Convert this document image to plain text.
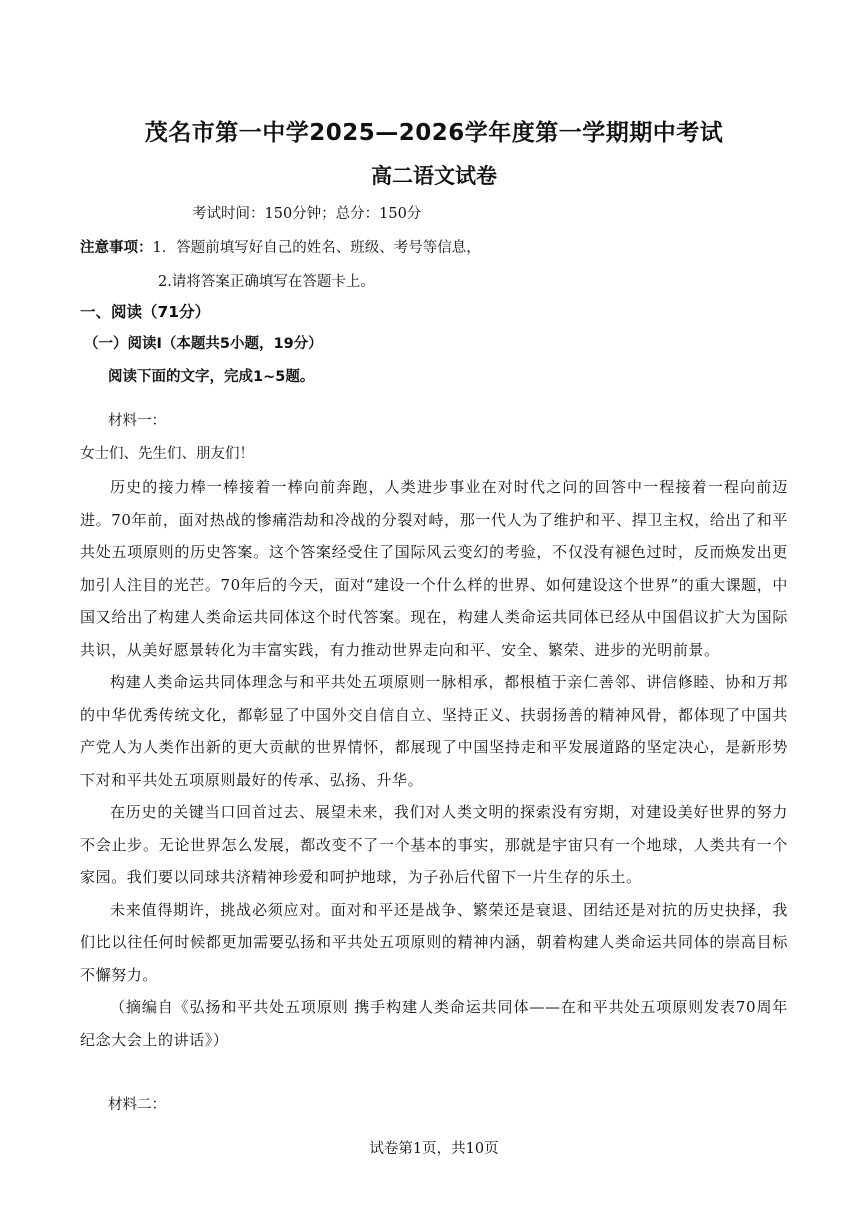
茂名市第一中学2025—2026学年度第一学期期中考试
高二语文试卷
考试时间：150分钟；总分：150分
注意事项：1．答题前填写好自己的姓名、班级、考号等信息，
2.请将答案正确填写在答题卡上。
一、阅读（71分）
（一）阅读Ⅰ（本题共5小题，19分）
阅读下面的文字，完成1~5题。
材料一：
女士们、先生们、朋友们！

历史的接力棒一棒接着一棒向前奔跑，人类进步事业在对时代之问的回答中一程接着一程向前迈进。70年前，面对热战的惨痛浩劫和冷战的分裂对峙，那一代人为了维护和平、捍卫主权，给出了和平共处五项原则的历史答案。这个答案经受住了国际风云变幻的考验，不仅没有褪色过时，反而焕发出更加引人注目的光芒。70年后的今天，面对“建设一个什么样的世界、如何建设这个世界”的重大课题，中国又给出了构建人类命运共同体这个时代答案。现在，构建人类命运共同体已经从中国倡议扩大为国际共识，从美好愿景转化为丰富实践，有力推动世界走向和平、安全、繁荣、进步的光明前景。

构建人类命运共同体理念与和平共处五项原则一脉相承，都根植于亲仁善邻、讲信修睦、协和万邦的中华优秀传统文化，都彰显了中国外交自信自立、坚持正义、扶弱扬善的精神风骨，都体现了中国共产党人为人类作出新的更大贡献的世界情怀，都展现了中国坚持走和平发展道路的坚定决心，是新形势下对和平共处五项原则最好的传承、弘扬、升华。

在历史的关键当口回首过去、展望未来，我们对人类文明的探索没有穷期，对建设美好世界的努力不会止步。无论世界怎么发展，都改变不了一个基本的事实，那就是宇宙只有一个地球，人类共有一个家园。我们要以同球共济精神珍爱和呵护地球，为子孙后代留下一片生存的乐土。

未来值得期许，挑战必须应对。面对和平还是战争、繁荣还是衰退、团结还是对抗的历史抉择，我们比以往任何时候都更加需要弘扬和平共处五项原则的精神内涵，朝着构建人类命运共同体的崇高目标不懈努力。

（摘编自《弘扬和平共处五项原则 携手构建人类命运共同体——在和平共处五项原则发表70周年纪念大会上的讲话》）

材料二：
试卷第1页，共10页
